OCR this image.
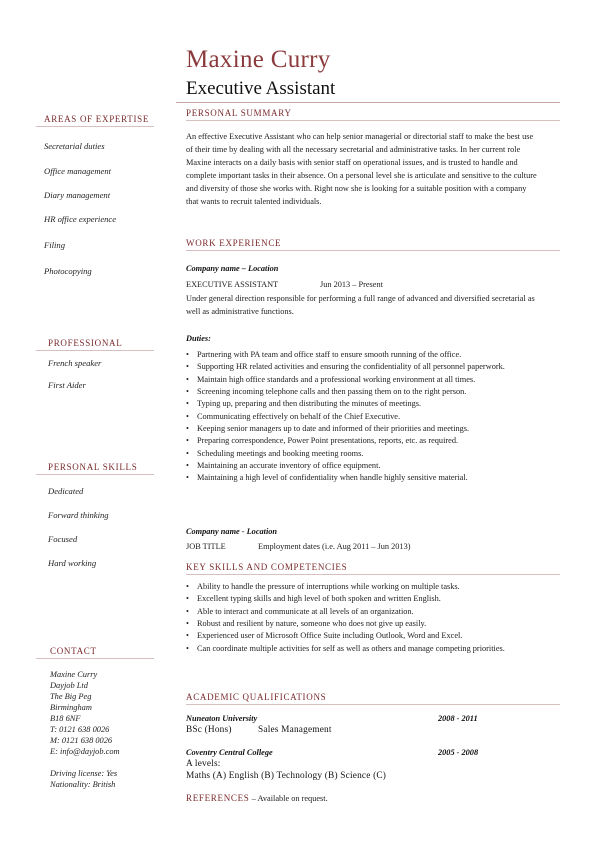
Maxine Curry
Executive Assistant
AREAS OF EXPERTISE
Secretarial duties
Office management
Diary management
HR office experience
Filing
Photocopying
PROFESSIONAL
French speaker
First Aider
PERSONAL SKILLS
Dedicated
Forward thinking
Focused
Hard working
CONTACT
Maxine Curry
Dayjob Ltd
The Big Peg
Birmingham
B18 6NF
T: 0121 638 0026
M: 0121 638 0026
E: info@dayjob.com
Driving license: Yes
Nationality: British
PERSONAL SUMMARY
An effective Executive Assistant who can help senior managerial or directorial staff to make the best use of their time by dealing with all the necessary secretarial and administrative tasks. In her current role Maxine interacts on a daily basis with senior staff on operational issues, and is trusted to handle and complete important tasks in their absence. On a personal level she is articulate and sensitive to the culture and diversity of those she works with. Right now she is looking for a suitable position with a company that wants to recruit talented individuals.
WORK EXPERIENCE
Company name – Location
EXECUTIVE ASSISTANT	Jun 2013 – Present
Under general direction responsible for performing a full range of advanced and diversified secretarial as well as administrative functions.
Duties:
• Partnering with PA team and office staff to ensure smooth running of the office.
• Supporting HR related activities and ensuring the confidentiality of all personnel paperwork.
• Maintain high office standards and a professional working environment at all times.
• Screening incoming telephone calls and then passing them on to the right person.
• Typing up, preparing and then distributing the minutes of meetings.
• Communicating effectively on behalf of the Chief Executive.
• Keeping senior managers up to date and informed of their priorities and meetings.
• Preparing correspondence, Power Point presentations, reports, etc. as required.
• Scheduling meetings and booking meeting rooms.
• Maintaining an accurate inventory of office equipment.
• Maintaining a high level of confidentiality when handle highly sensitive material.
Company name - Location
JOB TITLE	Employment dates (i.e. Aug 2011 – Jun 2013)
KEY SKILLS AND COMPETENCIES
• Ability to handle the pressure of interruptions while working on multiple tasks.
• Excellent typing skills and high level of both spoken and written English.
• Able to interact and communicate at all levels of an organization.
• Robust and resilient by nature, someone who does not give up easily.
• Experienced user of Microsoft Office Suite including Outlook, Word and Excel.
• Can coordinate multiple activities for self as well as others and manage competing priorities.
ACADEMIC QUALIFICATIONS
Nuneaton University	2008 - 2011
BSc (Hons)	Sales Management
Coventry Central College	2005 - 2008
A levels:
Maths (A) English (B) Technology (B) Science (C)
REFERENCES – Available on request.
